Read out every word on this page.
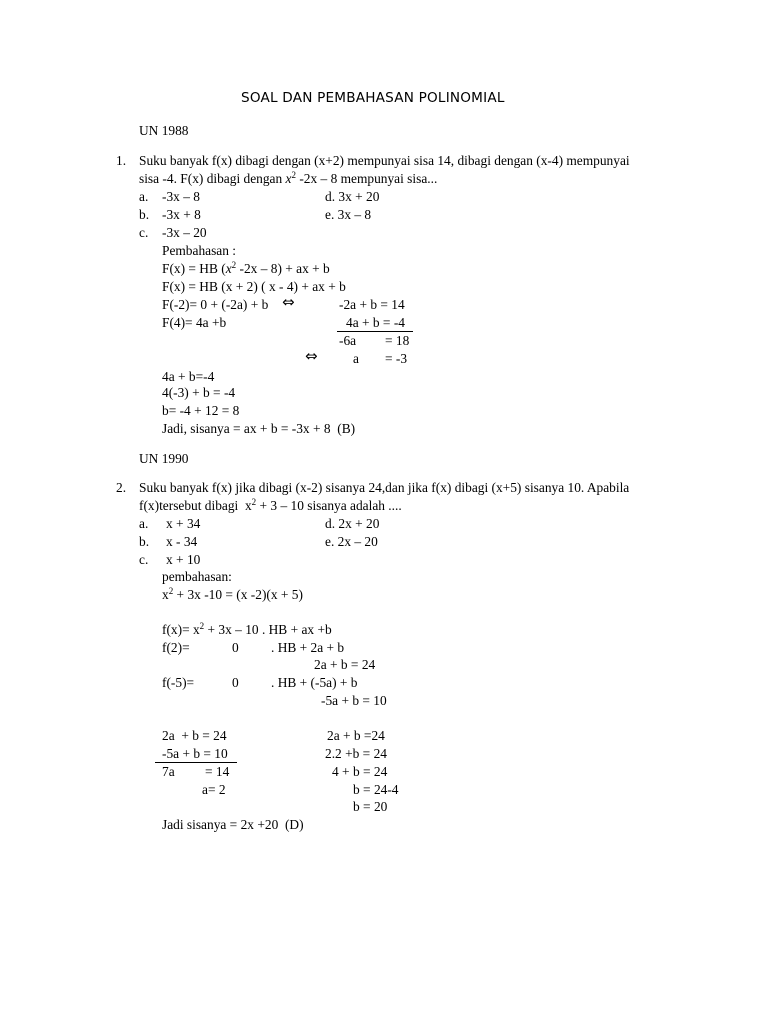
SOAL DAN PEMBAHASAN POLINOMIAL
UN 1988
1. Suku banyak f(x) dibagi dengan (x+2) mempunyai sisa 14, dibagi dengan (x-4) mempunyai
sisa -4. F(x) dibagi dengan $x^2$ -2x – 8 mempunyai sisa...
a. -3x – 8	d. 3x + 20
b. -3x + 8	e. 3x – 8
c. -3x – 20
Pembahasan :
F(x) = HB ($x^2$ -2x – 8) + ax + b
F(x) = HB (x + 2) ( x - 4) + ax + b
F(-2)= 0 + (-2a) + b ⇔	-2a + b = 14
F(4)= 4a +b	4a + b = -4
-6a = 18
⇔	a = -3
4a + b=-4
4(-3) + b = -4
b= -4 + 12 = 8
Jadi, sisanya = ax + b = -3x + 8  (B)
UN 1990
2. Suku banyak f(x) jika dibagi (x-2) sisanya 24,dan jika f(x) dibagi (x+5) sisanya 10. Apabila
f(x)tersebut dibagi  $x^2 + 3 - 10$ sisanya adalah ....
a. x + 34	d. 2x + 20
b. x - 34	e. 2x – 20
c. x + 10
pembahasan:
$x^2 + 3x$ -10 = (x -2)(x + 5)
$f(x)= x^2 + 3x - 10$ . HB + ax +b
f(2)=	0 . HB + 2a + b
2a + b = 24
f(-5)=	0 . HB + (-5a) + b
-5a + b = 10
2a  + b = 24
-5a + b = 10
7a = 14
a= 2
2a + b =24
2.2 +b = 24
4 + b = 24
b = 24-4
b = 20
Jadi sisanya = 2x +20  (D)
